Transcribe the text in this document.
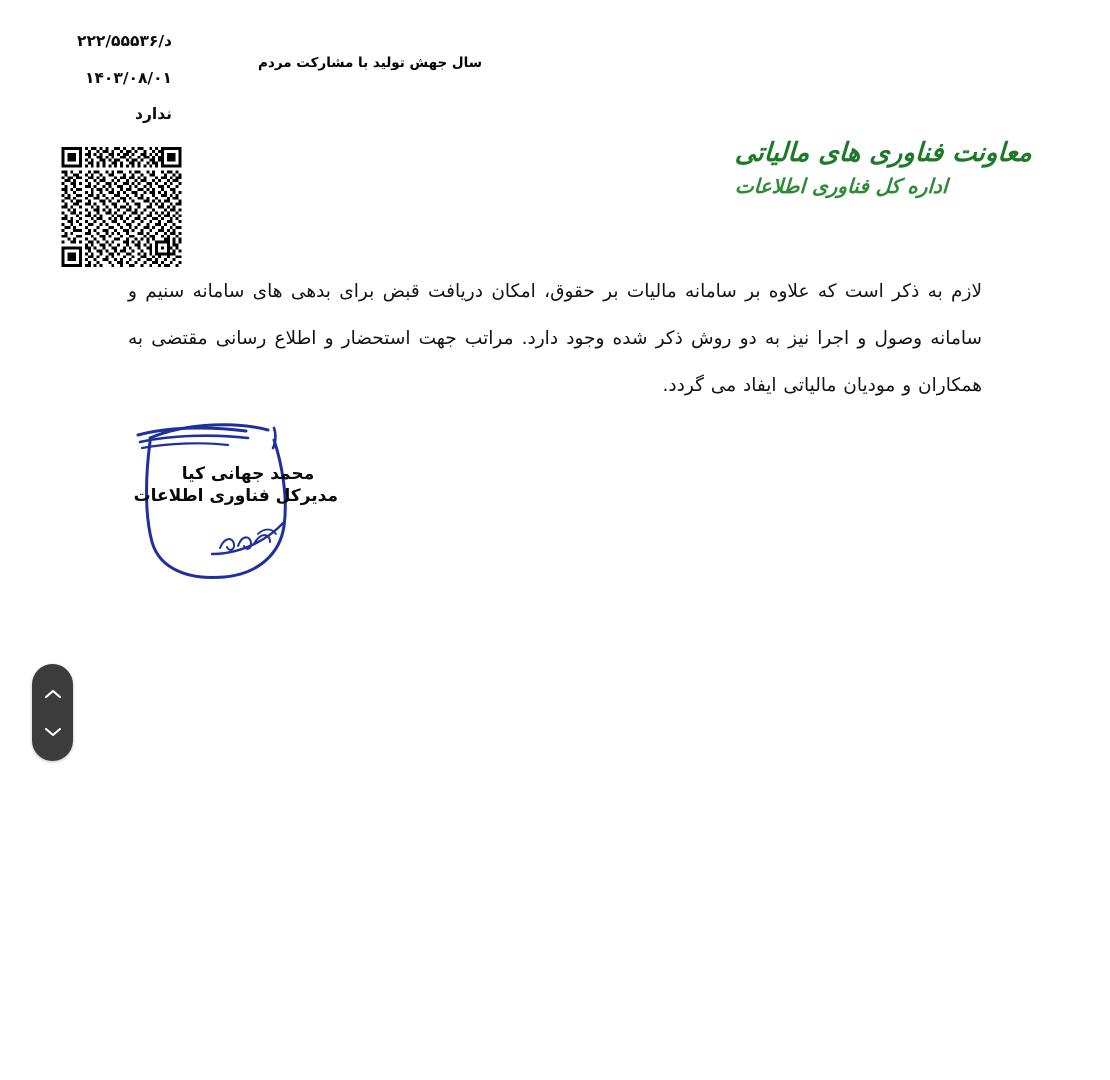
د/۲۲۲/۵۵۵۳۶
۱۴۰۳/۰۸/۰۱
ندارد
سال جهش تولید با مشارکت مردم
معاونت فناوری های مالیاتی
اداره کل فناوری اطلاعات
لازم به ذکر است که علاوه بر سامانه مالیات بر حقوق، امکان دریافت قبض برای بدهی های سامانه سنیم و سامانه وصول و اجرا نیز به دو روش ذکر شده وجود دارد. مراتب جهت استحضار و اطلاع رسانی مقتضی به همکاران و مودیان مالیاتی ایفاد می گردد.
محمد جهانی کیا
مدیرکل فناوری اطلاعات
